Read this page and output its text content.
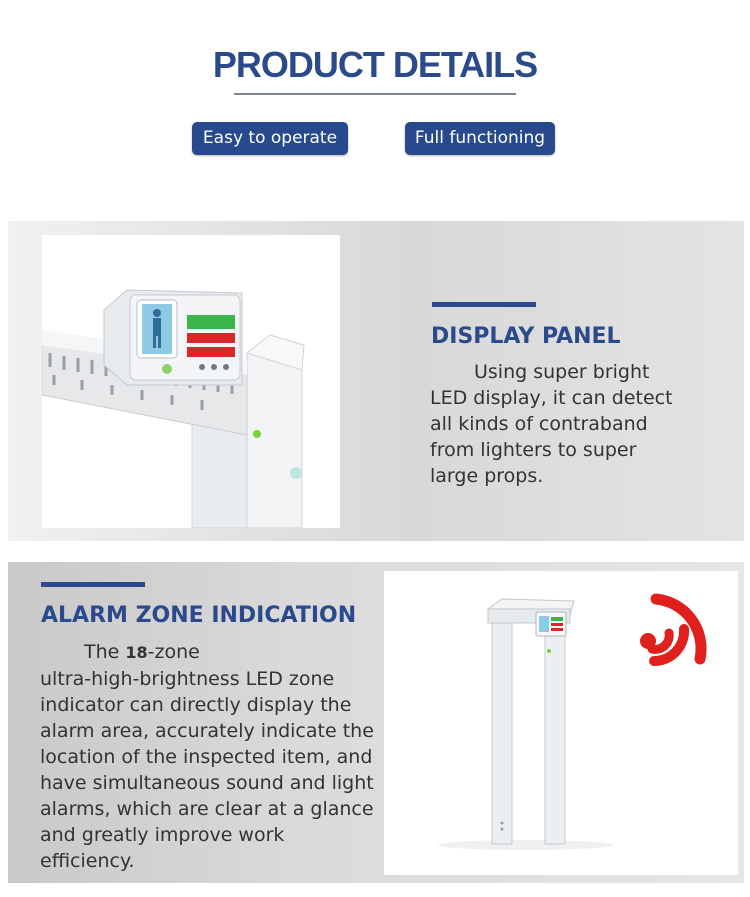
PRODUCT DETAILS
Easy to operate	Full functioning
DISPLAY PANEL

Using super bright

LED display, it can detect

all kinds of contraband

from lighters to super

large props.

ALARM ZONE INDICATION

The 18-zone

ultra-high-brightness LED zone

indicator can directly display the

alarm area, accurately indicate the

location of the inspected item, and

have simultaneous sound and light

alarms, which are clear at a glance

and greatly improve work

efficiency.
